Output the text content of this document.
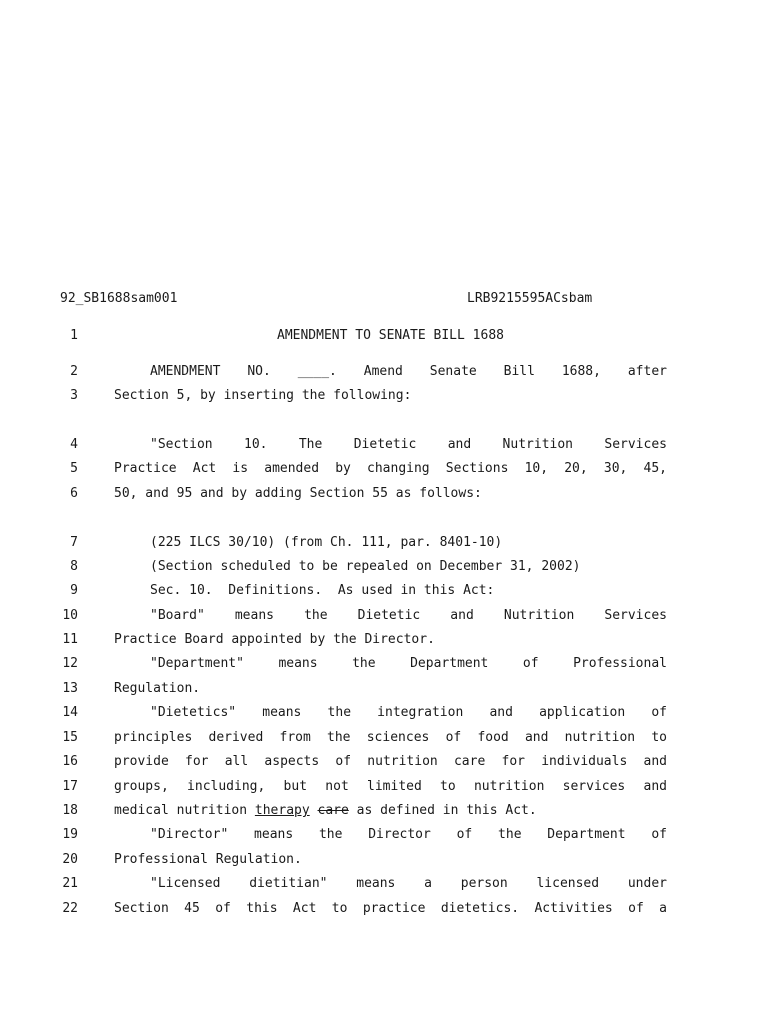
92_SB1688sam001	LRB9215595ACsbam
1	AMENDMENT TO SENATE BILL 1688
2	AMENDMENT NO. ____. Amend Senate Bill 1688, after
3	Section 5, by inserting the following:
4	"Section 10. The Dietetic and Nutrition Services
5	Practice Act is amended by changing Sections 10, 20, 30, 45,
6	50, and 95 and by adding Section 55 as follows:
7	(225 ILCS 30/10) (from Ch. 111, par. 8401-10)
8	(Section scheduled to be repealed on December 31, 2002)
9	Sec. 10.  Definitions.  As used in this Act:
10	"Board" means the Dietetic and Nutrition Services
11	Practice Board appointed by the Director.
12	"Department" means the Department of Professional
13	Regulation.
14	"Dietetics" means the integration and application of
15	principles derived from the sciences of food and nutrition to
16	provide for all aspects of nutrition care for individuals and
17	groups, including, but not limited to nutrition services and
18	medical nutrition therapy care as defined in this Act.
19	"Director" means the Director of the Department of
20	Professional Regulation.
21	"Licensed dietitian" means a person licensed under
22	Section 45 of this Act to practice dietetics. Activities of a
